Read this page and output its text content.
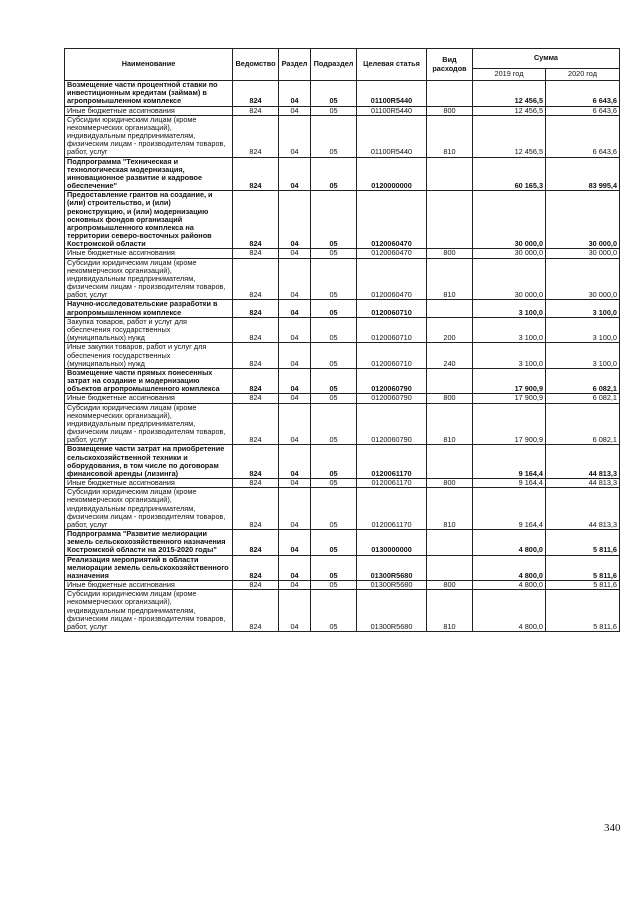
Наименование	Ведомство	Раздел	Подраздел	Целевая статья	Вид расходов	Сумма	
						2019 год	2020 год
Возмещение части процентной ставки по инвестиционным кредитам (займам) в агропромышленном комплексе	824	04	05	01100R5440		12 456,5	6 643,6
Иные бюджетные ассигнования	824	04	05	01100R5440	800	12 456,5	6 643,6
Субсидии юридическим лицам (кроме некоммерческих организаций), индивидуальным предпринимателям, физическим лицам - производителям товаров, работ, услуг	824	04	05	01100R5440	810	12 456,5	6 643,6
Подпрограмма "Техническая и технологическая модернизация, инновационное развитие и кадровое обеспечение"	824	04	05	0120000000		60 165,3	83 995,4
Предоставление грантов на создание, и (или) строительство, и (или) реконструкцию, и (или) модернизацию основных фондов организаций агропромышленного комплекса на территории северо-восточных районов Костромской области	824	04	05	0120060470		30 000,0	30 000,0
Иные бюджетные ассигнования	824	04	05	0120060470	800	30 000,0	30 000,0
Субсидии юридическим лицам (кроме некоммерческих организаций), индивидуальным предпринимателям, физическим лицам - производителям товаров, работ, услуг	824	04	05	0120060470	810	30 000,0	30 000,0
Научно-исследовательские разработки в агропромышленном комплексе	824	04	05	0120060710		3 100,0	3 100,0
Закупка товаров, работ и услуг для обеспечения государственных (муниципальных) нужд	824	04	05	0120060710	200	3 100,0	3 100,0
Иные закупки товаров, работ и услуг для обеспечения государственных (муниципальных) нужд	824	04	05	0120060710	240	3 100,0	3 100,0
Возмещение части прямых понесенных затрат на создание и модернизацию объектов агропромышленного комплекса	824	04	05	0120060790		17 900,9	6 082,1
Иные бюджетные ассигнования	824	04	05	0120060790	800	17 900,9	6 082,1
Субсидии юридическим лицам (кроме некоммерческих организаций), индивидуальным предпринимателям, физическим лицам - производителям товаров, работ, услуг	824	04	05	0120060790	810	17 900,9	6 082,1
Возмещение части затрат на приобретение сельскохозяйственной техники и оборудования, в том числе по договорам финансовой аренды (лизинга)	824	04	05	0120061170		9 164,4	44 813,3
Иные бюджетные ассигнования	824	04	05	0120061170	800	9 164,4	44 813,3
Субсидии юридическим лицам (кроме некоммерческих организаций), индивидуальным предпринимателям, физическим лицам - производителям товаров, работ, услуг	824	04	05	0120061170	810	9 164,4	44 813,3
Подпрограмма "Развитие мелиорации земель сельскохозяйственного назначения Костромской области на 2015-2020 годы"	824	04	05	0130000000		4 800,0	5 811,6
Реализация мероприятий в области мелиорации земель сельскохозяйственного назначения	824	04	05	01300R5680		4 800,0	5 811,6
Иные бюджетные ассигнования	824	04	05	01300R5680	800	4 800,0	5 811,6
Субсидии юридическим лицам (кроме некоммерческих организаций), индивидуальным предпринимателям, физическим лицам - производителям товаров, работ, услуг	824	04	05	01300R5680	810	4 800,0	5 811,6
340
